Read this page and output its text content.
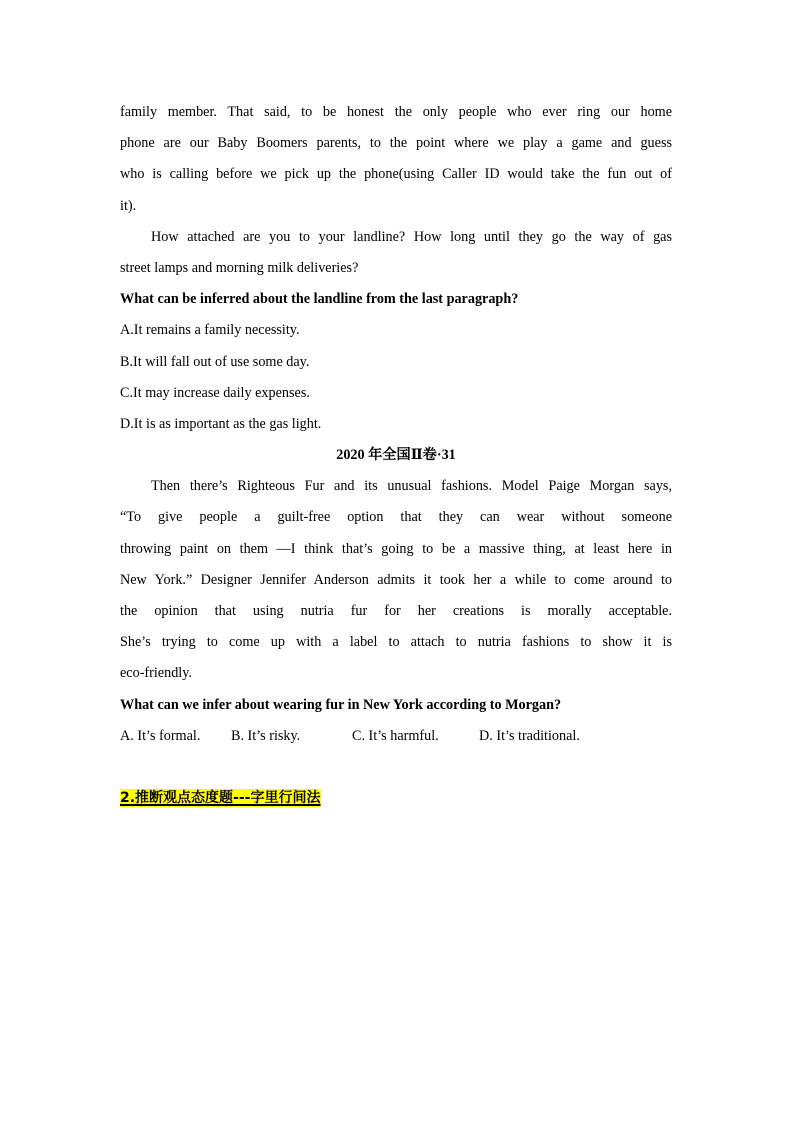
family member. That said, to be honest the only people who ever ring our home
phone are our Baby Boomers parents, to the point where we play a game and guess
who is calling before we pick up the phone(using Caller ID would take the fun out of
it).
How attached are you to your landline? How long until they go the way of gas
street lamps and morning milk deliveries?
What can be inferred about the landline from the last paragraph?
A.It remains a family necessity.
B.It will fall out of use some day.
C.It may increase daily expenses.
D.It is as important as the gas light.
2020 年全国Ⅱ卷·31
Then there’s Righteous Fur and its unusual fashions. Model Paige Morgan says,
“To give people a guilt-free option that they can wear without someone
throwing paint on them —I think that’s going to be a massive thing, at least here in
New York.” Designer Jennifer Anderson admits it took her a while to come around to
the opinion that using nutria fur for her creations is morally acceptable.
She’s trying to come up with a label to attach to nutria fashions to show it is
eco-friendly.
What can we infer about wearing fur in New York according to Morgan?
A. It’s formal.	B. It’s risky.	C. It’s harmful.	D. It’s traditional.
2.推断观点态度题---字里行间法
